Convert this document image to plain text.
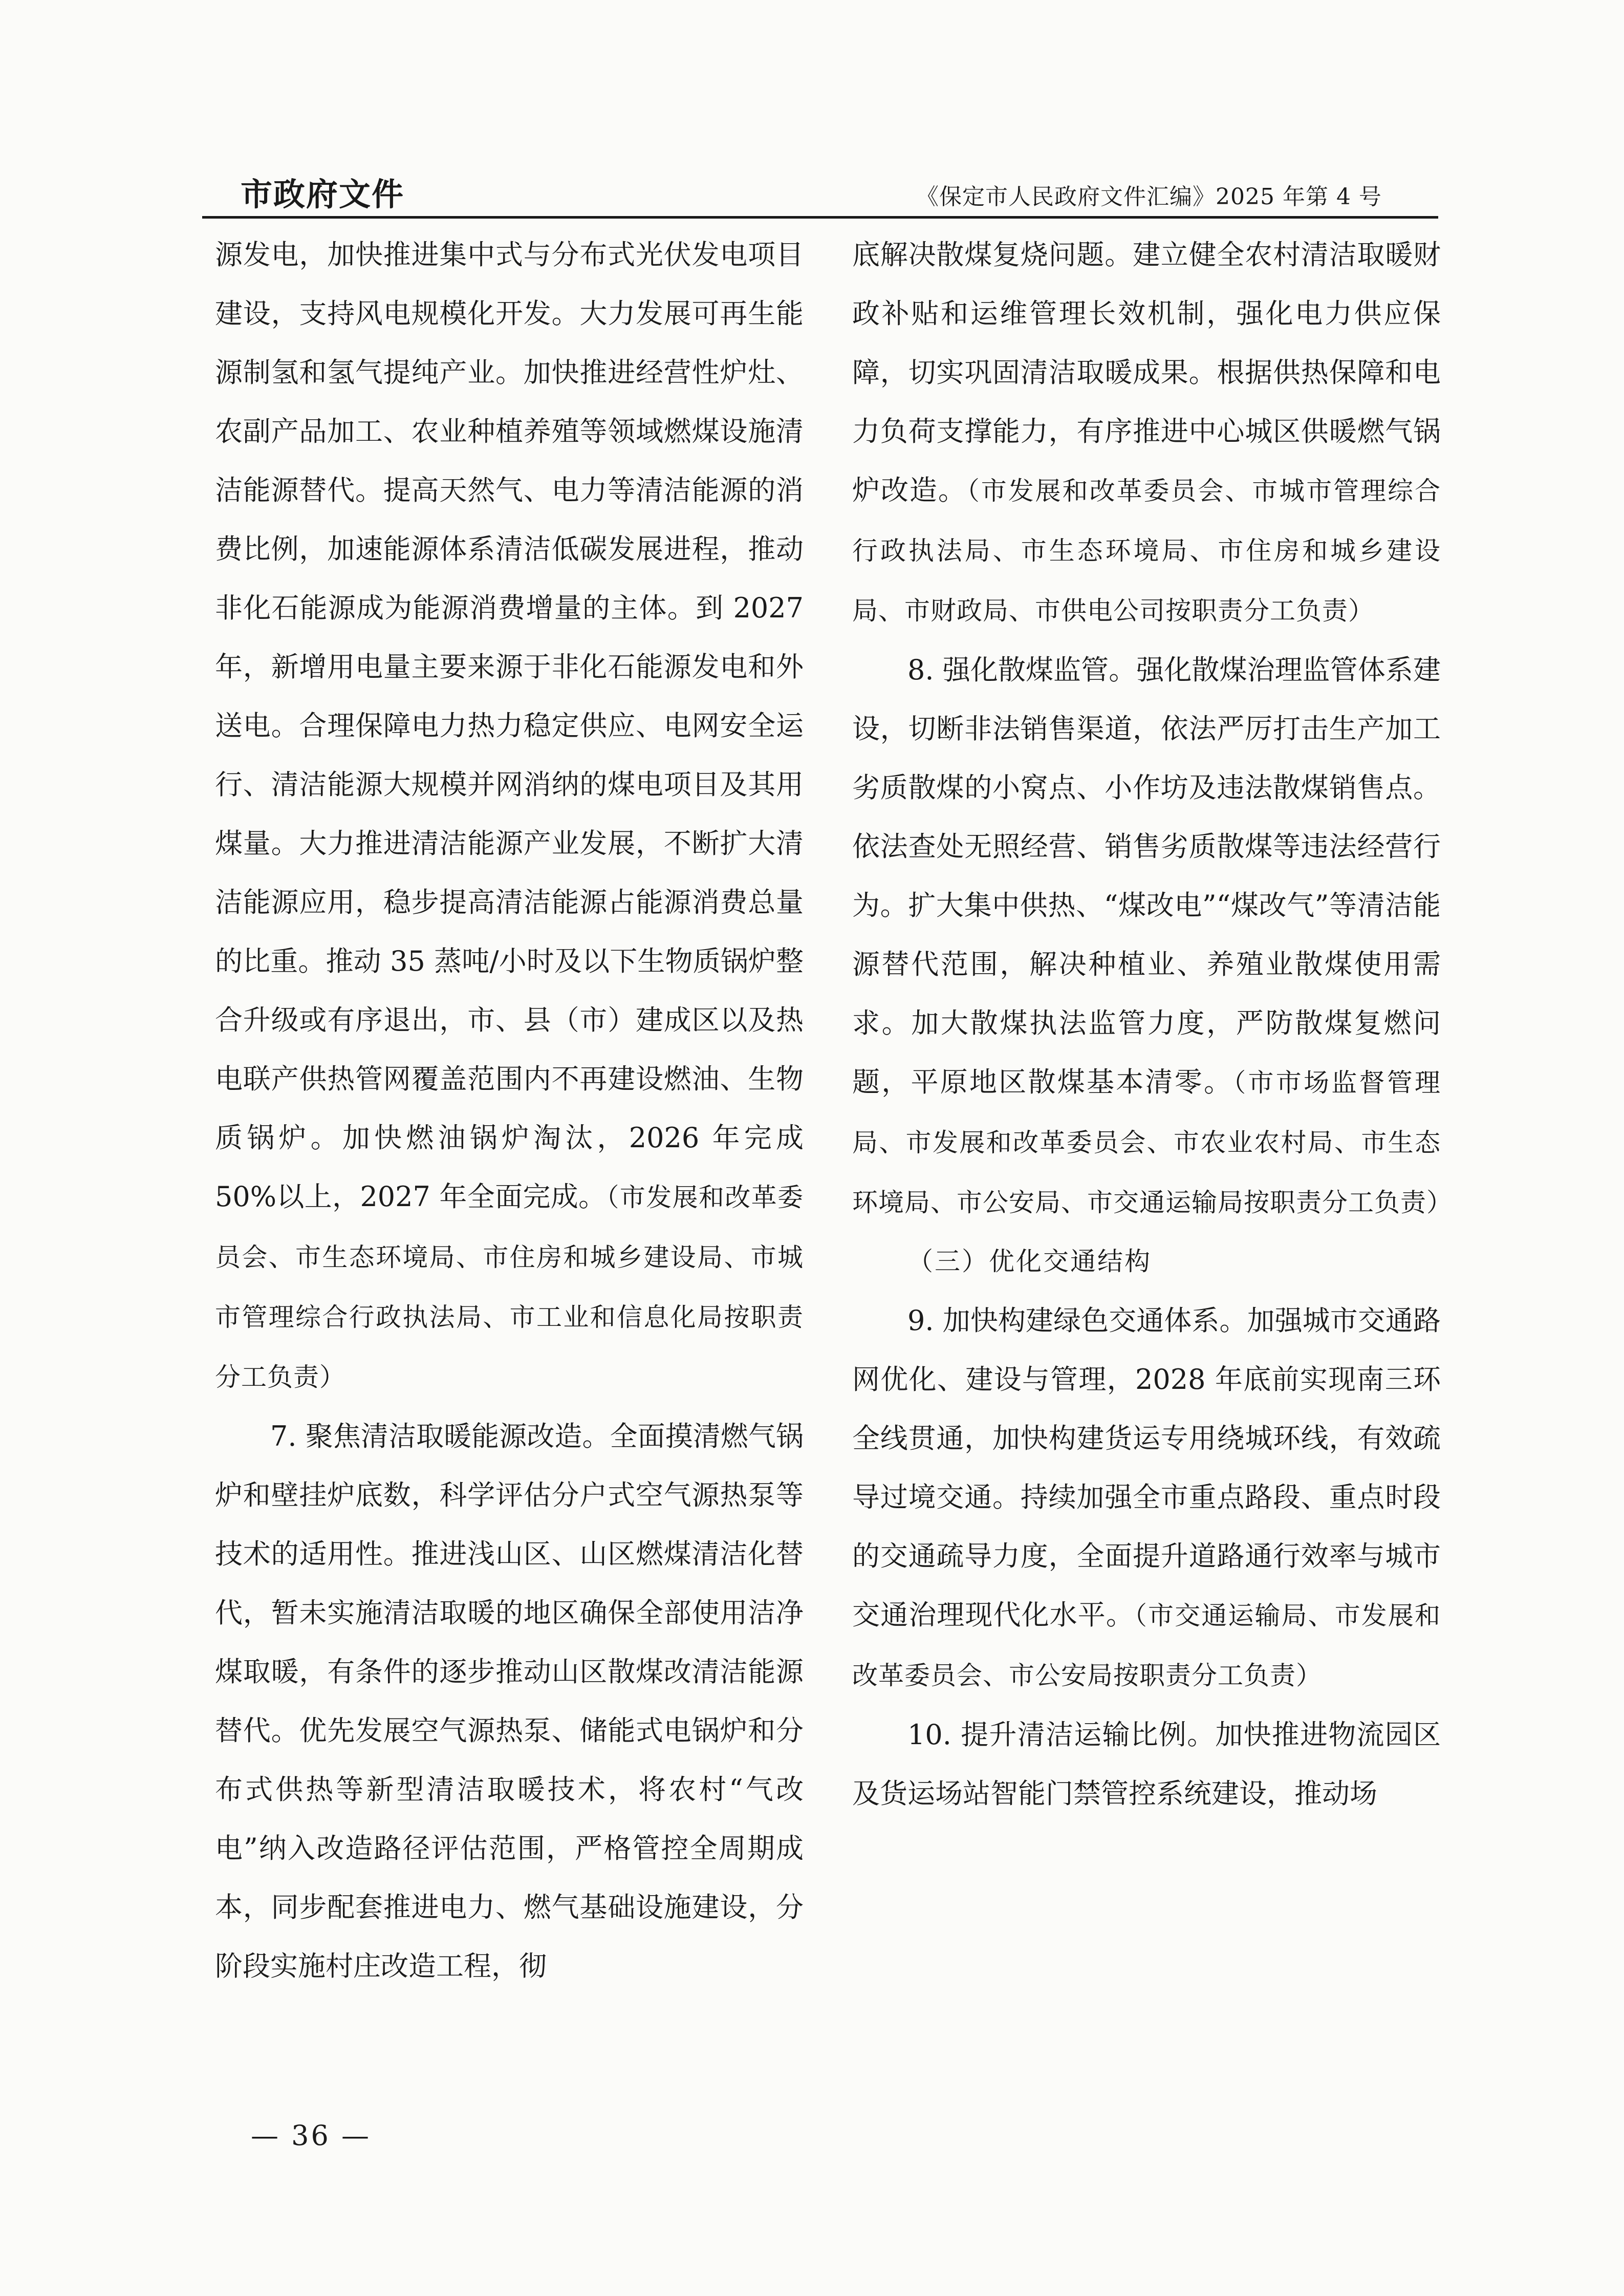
市政府文件	《保定市人民政府文件汇编》2025 年第 4 号

源发电，加快推进集中式与分布式光伏发电项目建设，支持风电规模化开发。大力发展可再生能源制氢和氢气提纯产业。加快推进经营性炉灶、农副产品加工、农业种植养殖等领域燃煤设施清洁能源替代。提高天然气、电力等清洁能源的消费比例，加速能源体系清洁低碳发展进程，推动非化石能源成为能源消费增量的主体。到 2027 年，新增用电量主要来源于非化石能源发电和外送电。合理保障电力热力稳定供应、电网安全运行、清洁能源大规模并网消纳的煤电项目及其用煤量。大力推进清洁能源产业发展，不断扩大清洁能源应用，稳步提高清洁能源占能源消费总量的比重。推动 35 蒸吨/小时及以下生物质锅炉整合升级或有序退出，市、县（市）建成区以及热电联产供热管网覆盖范围内不再建设燃油、生物质锅炉。加快燃油锅炉淘汰，2026 年完成 50%以上，2027 年全面完成。（市发展和改革委员会、市生态环境局、市住房和城乡建设局、市城市管理综合行政执法局、市工业和信息化局按职责分工负责）

7. 聚焦清洁取暖能源改造。全面摸清燃气锅炉和壁挂炉底数，科学评估分户式空气源热泵等技术的适用性。推进浅山区、山区燃煤清洁化替代，暂未实施清洁取暖的地区确保全部使用洁净煤取暖，有条件的逐步推动山区散煤改清洁能源替代。优先发展空气源热泵、储能式电锅炉和分布式供热等新型清洁取暖技术，将农村“气改电”纳入改造路径评估范围，严格管控全周期成本，同步配套推进电力、燃气基础设施建设，分阶段实施村庄改造工程，彻

底解决散煤复烧问题。建立健全农村清洁取暖财政补贴和运维管理长效机制，强化电力供应保障，切实巩固清洁取暖成果。根据供热保障和电力负荷支撑能力，有序推进中心城区供暖燃气锅炉改造。（市发展和改革委员会、市城市管理综合行政执法局、市生态环境局、市住房和城乡建设局、市财政局、市供电公司按职责分工负责）

8. 强化散煤监管。强化散煤治理监管体系建设，切断非法销售渠道，依法严厉打击生产加工劣质散煤的小窝点、小作坊及违法散煤销售点。依法查处无照经营、销售劣质散煤等违法经营行为。扩大集中供热、“煤改电”“煤改气”等清洁能源替代范围，解决种植业、养殖业散煤使用需求。加大散煤执法监管力度，严防散煤复燃问题，平原地区散煤基本清零。（市市场监督管理局、市发展和改革委员会、市农业农村局、市生态环境局、市公安局、市交通运输局按职责分工负责）

（三）优化交通结构

9. 加快构建绿色交通体系。加强城市交通路网优化、建设与管理，2028 年底前实现南三环全线贯通，加快构建货运专用绕城环线，有效疏导过境交通。持续加强全市重点路段、重点时段的交通疏导力度，全面提升道路通行效率与城市交通治理现代化水平。（市交通运输局、市发展和改革委员会、市公安局按职责分工负责）

10. 提升清洁运输比例。加快推进物流园区及货运场站智能门禁管控系统建设，推动场

— 36 —
